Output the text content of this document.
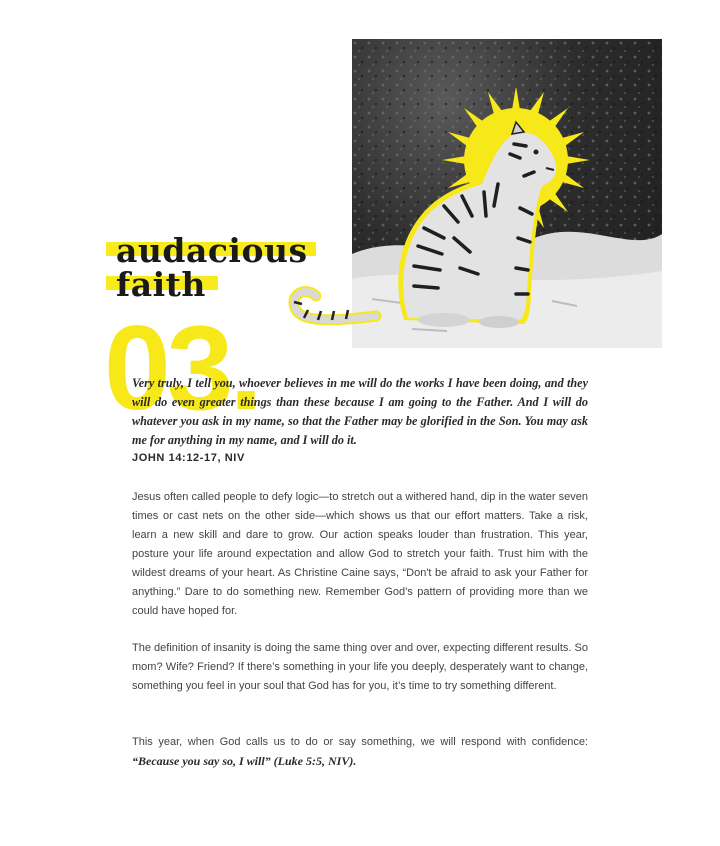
audacious
faith
03.
Very truly, I tell you, whoever believes in me will do the works I have been doing, and they will do even greater things than these because I am going to the Father. And I will do whatever you ask in my name, so that the Father may be glorified in the Son. You may ask me for anything in my name, and I will do it.
JOHN 14:12-17, NIV
Jesus often called people to defy logic—to stretch out a withered hand, dip in the water seven times or cast nets on the other side—which shows us that our effort matters. Take a risk, learn a new skill and dare to grow. Our action speaks louder than frustration. This year, posture your life around expectation and allow God to stretch your faith. Trust him with the wildest dreams of your heart. As Christine Caine says, “Don't be afraid to ask your Father for anything.” Dare to do something new. Remember God’s pattern of providing more than we could have hoped for.
The definition of insanity is doing the same thing over and over, expecting different results. So mom? Wife? Friend? If there’s something in your life you deeply, desperately want to change, something you feel in your soul that God has for you, it’s time to try something different.
This year, when God calls us to do or say something, we will respond with confidence: “Because you say so, I will” (Luke 5:5, NIV).
